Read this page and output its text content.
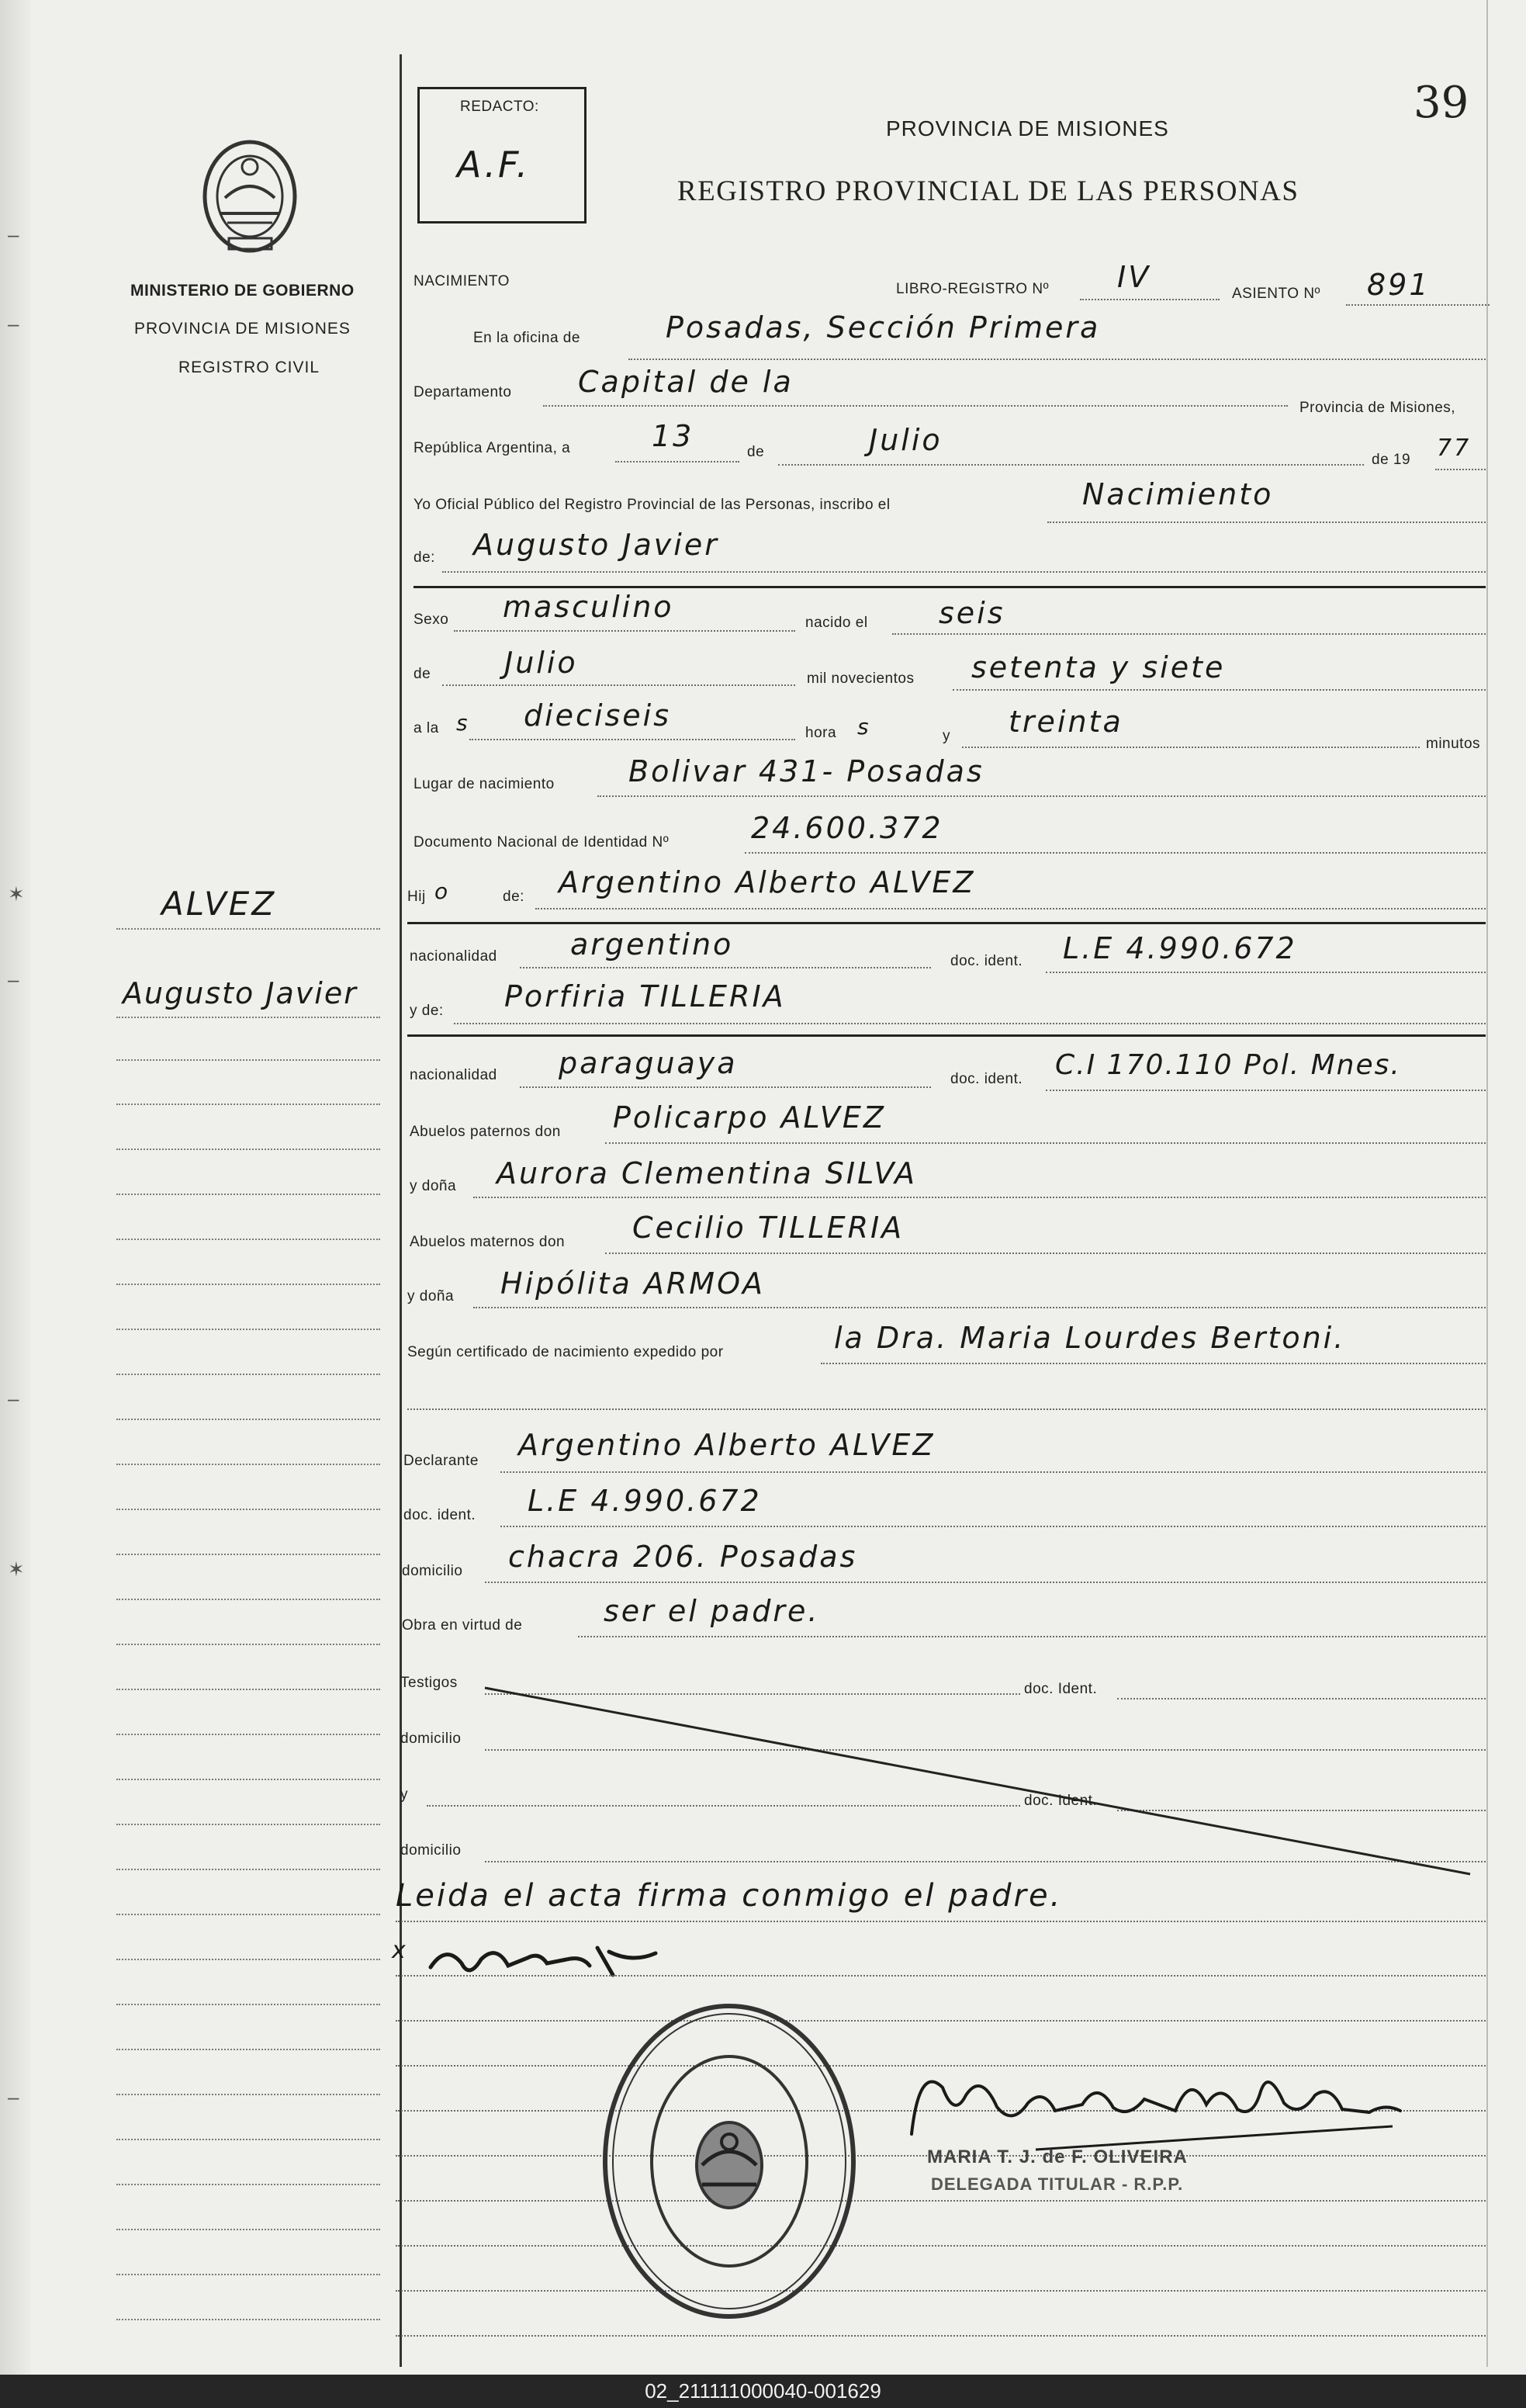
–
–
✶
–
–
✶
–
39
REDACTO:
A.F.
PROVINCIA DE MISIONES
REGISTRO PROVINCIAL DE LAS PERSONAS
MINISTERIO DE GOBIERNO
PROVINCIA DE MISIONES
REGISTRO CIVIL
ALVEZ
Augusto Javier
NACIMIENTO	LIBRO-REGISTRO Nº IV	ASIENTO Nº 891
En la oficina de	Posadas, Sección Primera
Departamento Capital de la
Provincia de Misiones,
República Argentina, a	13	de	Julio
de 19 77
Yo Oficial Público del Registro Provincial de las Personas, inscribo el	Nacimiento
de: Augusto Javier
Sexo masculino	nacido el seis
de Julio	mil novecientos setenta y siete
a la s dieciseis
hora s	y treinta
minutos
Lugar de nacimiento	Bolivar 431- Posadas
Documento Nacional de Identidad Nº	24.600.372
Hij o	de: Argentino Alberto ALVEZ
nacionalidad argentino	doc. ident. L.E 4.990.672
y de: Porfiria TILLERIA
nacionalidad paraguaya	doc. ident. C.I 170.110 Pol. Mnes.
Abuelos paternos don Policarpo ALVEZ
y doña Aurora Clementina SILVA
Abuelos maternos don Cecilio TILLERIA
y doña Hipólita ARMOA
Según certificado de nacimiento expedido por	la Dra. Maria Lourdes Bertoni.
Declarante Argentino Alberto ALVEZ
doc. ident. L.E 4.990.672
domicilio chacra 206. Posadas
Obra en virtud de	ser el padre.
Testigos	doc. Ident.
domicilio
y	doc. Ident.
domicilio
Leida el acta firma conmigo el padre.
x
MARIA T. J. de F. OLIVEIRA
DELEGADA TITULAR - R.P.P.
02_211111000040-001629
